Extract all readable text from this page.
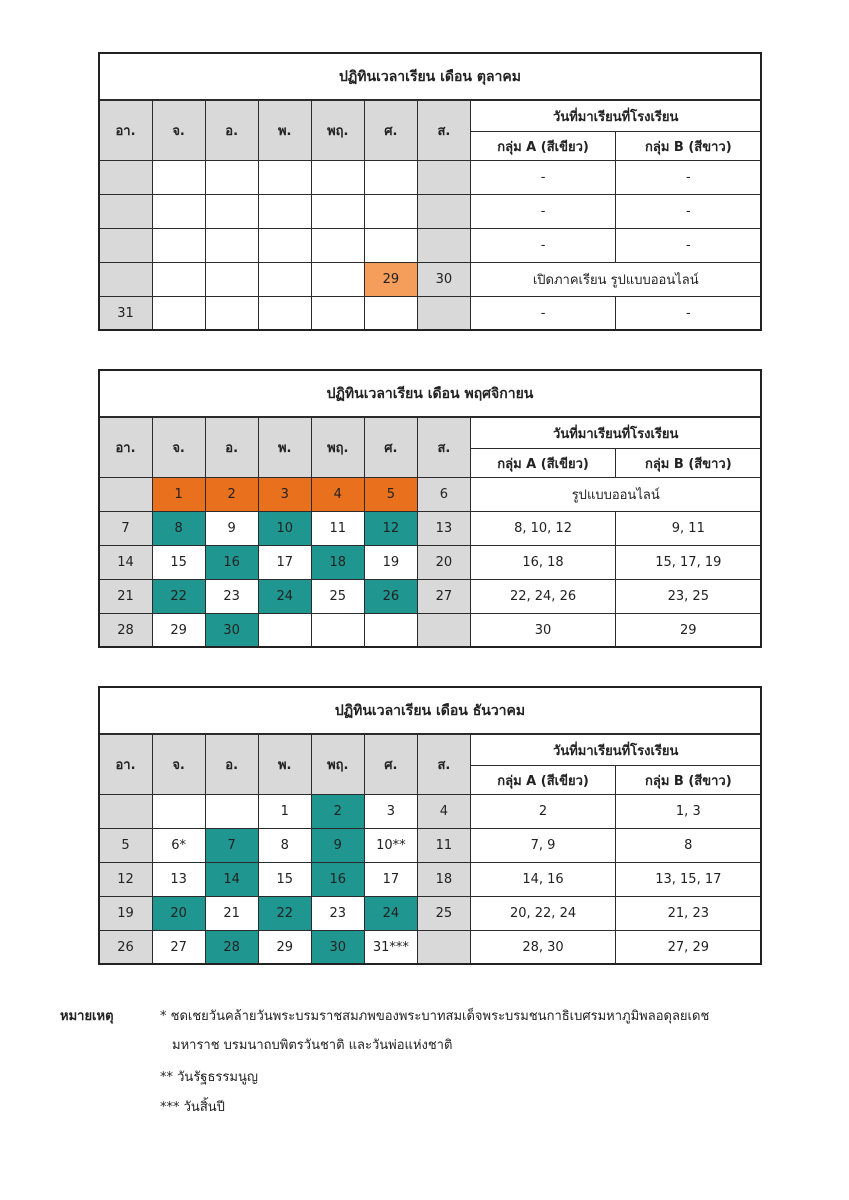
ปฏิทินเวลาเรียน เดือน ตุลาคม								
อา.	จ.	อ.	พ.	พฤ.	ศ.	ส.	วันที่มาเรียนที่โรงเรียน	
							กลุ่ม A (สีเขียว)	กลุ่ม B (สีขาว)
							-	-
							-	-
							-	-
					29	30	เปิดภาคเรียน รูปแบบออนไลน์	
31							-	-
ปฏิทินเวลาเรียน เดือน พฤศจิกายน								
อา.	จ.	อ.	พ.	พฤ.	ศ.	ส.	วันที่มาเรียนที่โรงเรียน	
							กลุ่ม A (สีเขียว)	กลุ่ม B (สีขาว)
	1	2	3	4	5	6	รูปแบบออนไลน์	
7	8	9	10	11	12	13	8, 10, 12	9, 11
14	15	16	17	18	19	20	16, 18	15, 17, 19
21	22	23	24	25	26	27	22, 24, 26	23, 25
28	29	30					30	29
ปฏิทินเวลาเรียน เดือน ธันวาคม								
อา.	จ.	อ.	พ.	พฤ.	ศ.	ส.	วันที่มาเรียนที่โรงเรียน	
							กลุ่ม A (สีเขียว)	กลุ่ม B (สีขาว)
			1	2	3	4	2	1, 3
5	6*	7	8	9	10**	11	7, 9	8
12	13	14	15	16	17	18	14, 16	13, 15, 17
19	20	21	22	23	24	25	20, 22, 24	21, 23
26	27	28	29	30	31***		28, 30	27, 29
หมายเหตุ	* ชดเชยวันคล้ายวันพระบรมราชสมภพของพระบาทสมเด็จพระบรมชนกาธิเบศรมหาภูมิพลอดุลยเดช
มหาราช บรมนาถบพิตรวันชาติ และวันพ่อแห่งชาติ
** วันรัฐธรรมนูญ
*** วันสิ้นปี
